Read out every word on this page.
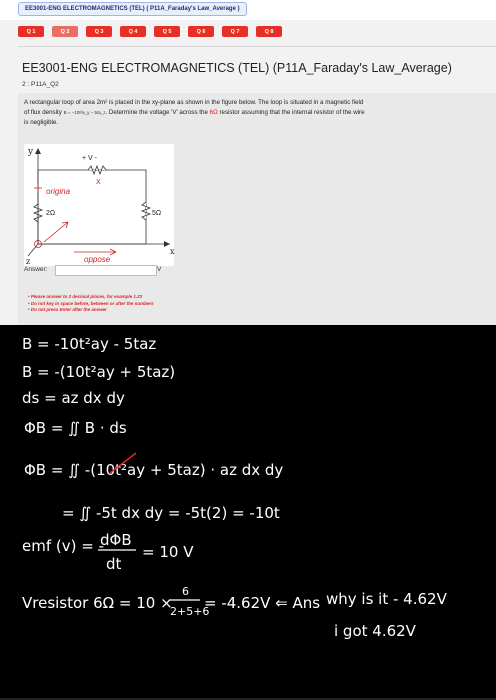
EE3001-ENG ELECTROMAGNETICS (TEL) ( P11A_Faraday's Law_Average )
Q 1	Q 2	Q 3	Q 4	Q 5	Q 6	Q 7	Q 8
EE3001-ENG ELECTROMAGNETICS (TEL) (P11A_Faraday's Law_Average)
2 : P11A_Q2
A rectangular loop of area 2m² is placed in the xy-plane as shown in the figure below. The loop is situated in a magnetic field
of flux density B = −10t²a_y − 5ta_z. Determine the voltage 'V' across the 6Ω resistor assuming that the internal resistor of the wire
is negligible.
y
x
z
+ V -
X
2Ω	5Ω
origina
oppose
Answer:	V
• Please answer to 2 decimal places, for example 1.23
• Do not key in space before, between or after the numbers
• Do not press Enter after the answer
B = -10t²ay - 5taz
B = -(10t²ay + 5taz)
ds = az dx dy
ΦB = ∬ B · ds
ΦB = ∬ -(10t²ay + 5taz) · az dx dy
= ∬ -5t dx dy = -5t(2) = -10t
emf (v) = -
dΦB
dt
= 10 V
Vresistor 6Ω = 10 ×
6
2+5+6
= -4.62V ⇐ Ans why is it - 4.62V
i got 4.62V
